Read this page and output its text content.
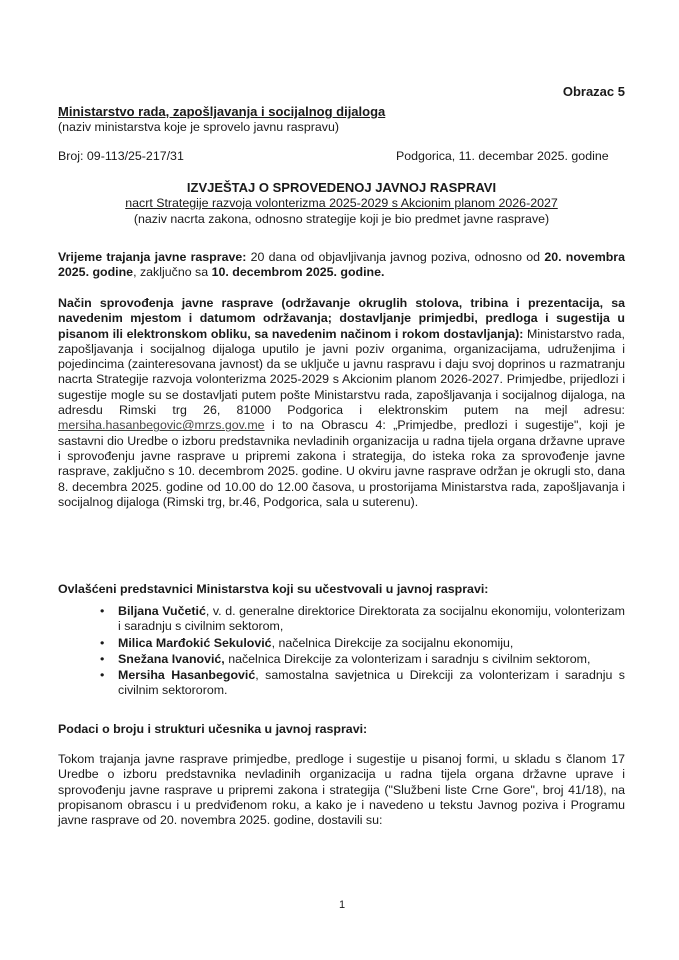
Obrazac 5
Ministarstvo rada, zapošljavanja i socijalnog dijaloga
(naziv ministarstva koje je sprovelo javnu raspravu)
Broj: 09-113/25-217/31	Podgorica, 11. decembar 2025. godine
IZVJEŠTAJ O SPROVEDENOJ JAVNOJ RASPRAVI
nacrt Strategije razvoja volonterizma 2025-2029 s Akcionim planom 2026-2027
(naziv nacrta zakona, odnosno strategije koji je bio predmet javne rasprave)

Vrijeme trajanja javne rasprave: 20 dana od objavljivanja javnog poziva, odnosno od 20. novembra 2025. godine, zaključno sa 10. decembrom 2025. godine.

Način sprovođenja javne rasprave (održavanje okruglih stolova, tribina i prezentacija, sa navedenim mjestom i datumom održavanja; dostavljanje primjedbi, predloga i sugestija u pisanom ili elektronskom obliku, sa navedenim načinom i rokom dostavljanja): Ministarstvo rada, zapošljavanja i socijalnog dijaloga uputilo je javni poziv organima, organizacijama, udruženjima i pojedincima (zainteresovana javnost) da se uključe u javnu raspravu i daju svoj doprinos u razmatranju nacrta Strategije razvoja volonterizma 2025-2029 s Akcionim planom 2026-2027. Primjedbe, prijedlozi i sugestije mogle su se dostavljati putem pošte Ministarstvu rada, zapošljavanja i socijalnog dijaloga, na adresdu Rimski trg 26, 81000 Podgorica i elektronskim putem na mejl adresu: mersiha.hasanbegovic@mrzs.gov.me i to na Obrascu 4: „Primjedbe, predlozi i sugestije", koji je sastavni dio Uredbe o izboru predstavnika nevladinih organizacija u radna tijela organa državne uprave i sprovođenju javne rasprave u pripremi zakona i strategija, do isteka roka za sprovođenje javne rasprave, zaključno s 10. decembrom 2025. godine. U okviru javne rasprave održan je okrugli sto, dana 8. decembra 2025. godine od 10.00 do 12.00 časova, u prostorijama Ministarstva rada, zapošljavanja i socijalnog dijaloga (Rimski trg, br.46, Podgorica, sala u suterenu).

Ovlašćeni predstavnici Ministarstva koji su učestvovali u javnoj raspravi:
• Biljana Vučetić, v. d. generalne direktorice Direktorata za socijalnu ekonomiju, volonterizam i saradnju s civilnim sektorom,
• Milica Marđokić Sekulović, načelnica Direkcije za socijalnu ekonomiju,
• Snežana Ivanović, načelnica Direkcije za volonterizam i saradnju s civilnim sektorom,
• Mersiha Hasanbegović, samostalna savjetnica u Direkciji za volonterizam i saradnju s civilnim sektororom.
Podaci o broju i strukturi učesnika u javnoj raspravi:

Tokom trajanja javne rasprave primjedbe, predloge i sugestije u pisanoj formi, u skladu s članom 17 Uredbe o izboru predstavnika nevladinih organizacija u radna tijela organa državne uprave i sprovođenju javne rasprave u pripremi zakona i strategija ("Službeni liste Crne Gore", broj 41/18), na propisanom obrascu i u predviđenom roku, a kako je i navedeno u tekstu Javnog poziva i Programu javne rasprave od 20. novembra 2025. godine, dostavili su:

1
